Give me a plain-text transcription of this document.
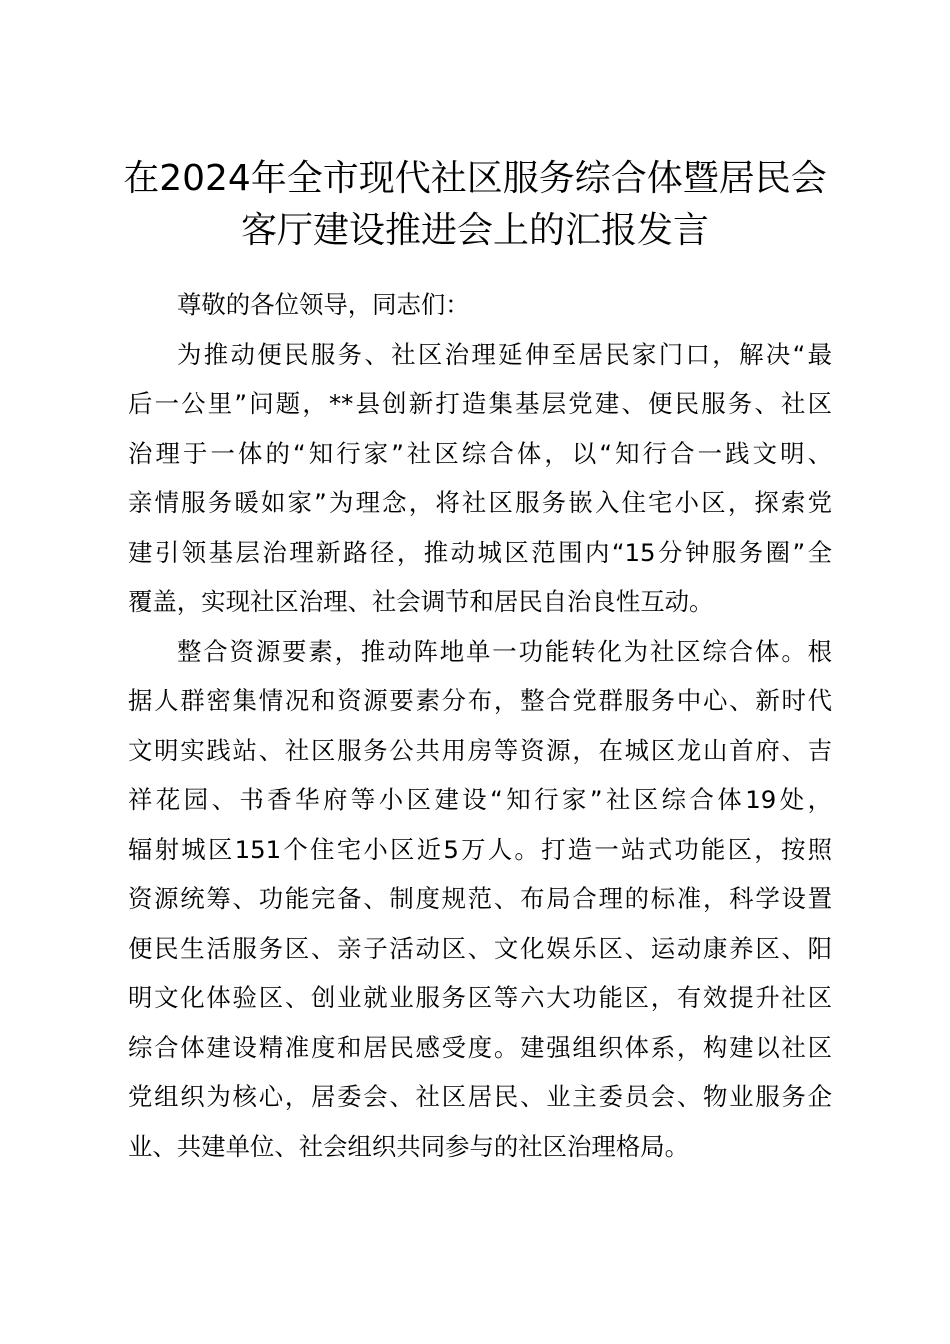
在2024年全市现代社区服务综合体暨居民会
客厅建设推进会上的汇报发言

尊敬的各位领导，同志们：

为推动便民服务、社区治理延伸至居民家门口，解决“最
后一公里”问题，**县创新打造集基层党建、便民服务、社区
治理于一体的“知行家”社区综合体，以“知行合一践文明、
亲情服务暖如家”为理念，将社区服务嵌入住宅小区，探索党
建引领基层治理新路径，推动城区范围内“15分钟服务圈”全
覆盖，实现社区治理、社会调节和居民自治良性互动。

整合资源要素，推动阵地单一功能转化为社区综合体。根
据人群密集情况和资源要素分布，整合党群服务中心、新时代
文明实践站、社区服务公共用房等资源，在城区龙山首府、吉
祥花园、书香华府等小区建设“知行家”社区综合体19处，
辐射城区151个住宅小区近5万人。打造一站式功能区，按照
资源统筹、功能完备、制度规范、布局合理的标准，科学设置
便民生活服务区、亲子活动区、文化娱乐区、运动康养区、阳
明文化体验区、创业就业服务区等六大功能区，有效提升社区
综合体建设精准度和居民感受度。建强组织体系，构建以社区
党组织为核心，居委会、社区居民、业主委员会、物业服务企
业、共建单位、社会组织共同参与的社区治理格局。
